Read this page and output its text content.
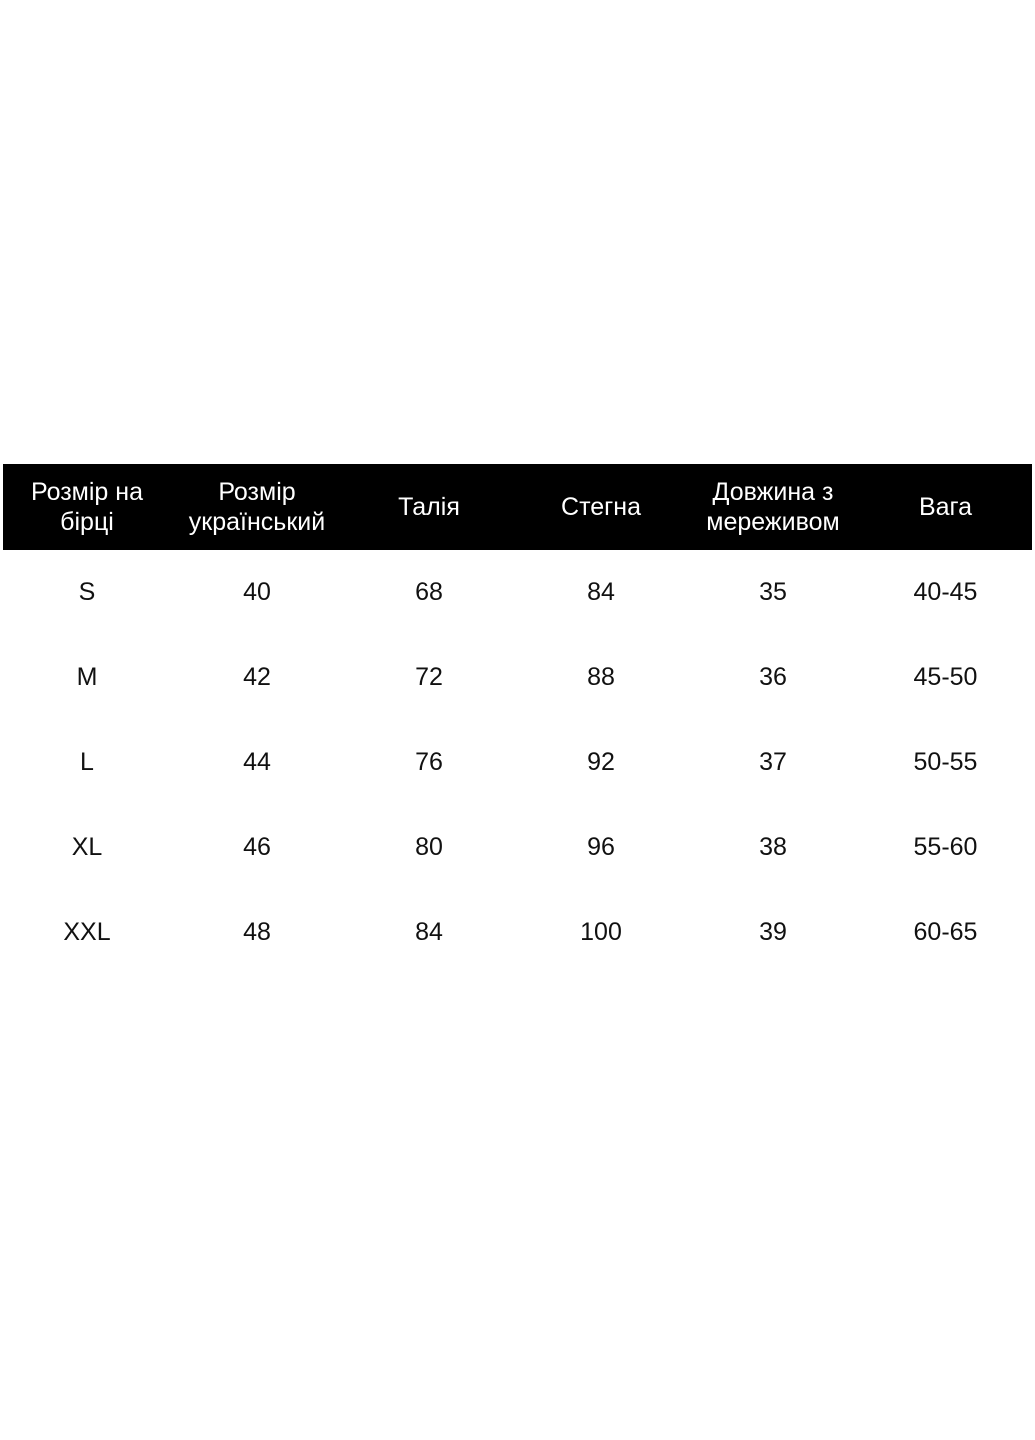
Розмір на бірці	Розмір український	Талія	Стегна	Довжина з мереживом	Вага
S	40	68	84	35	40-45
M	42	72	88	36	45-50
L	44	76	92	37	50-55
XL	46	80	96	38	55-60
XXL	48	84	100	39	60-65
